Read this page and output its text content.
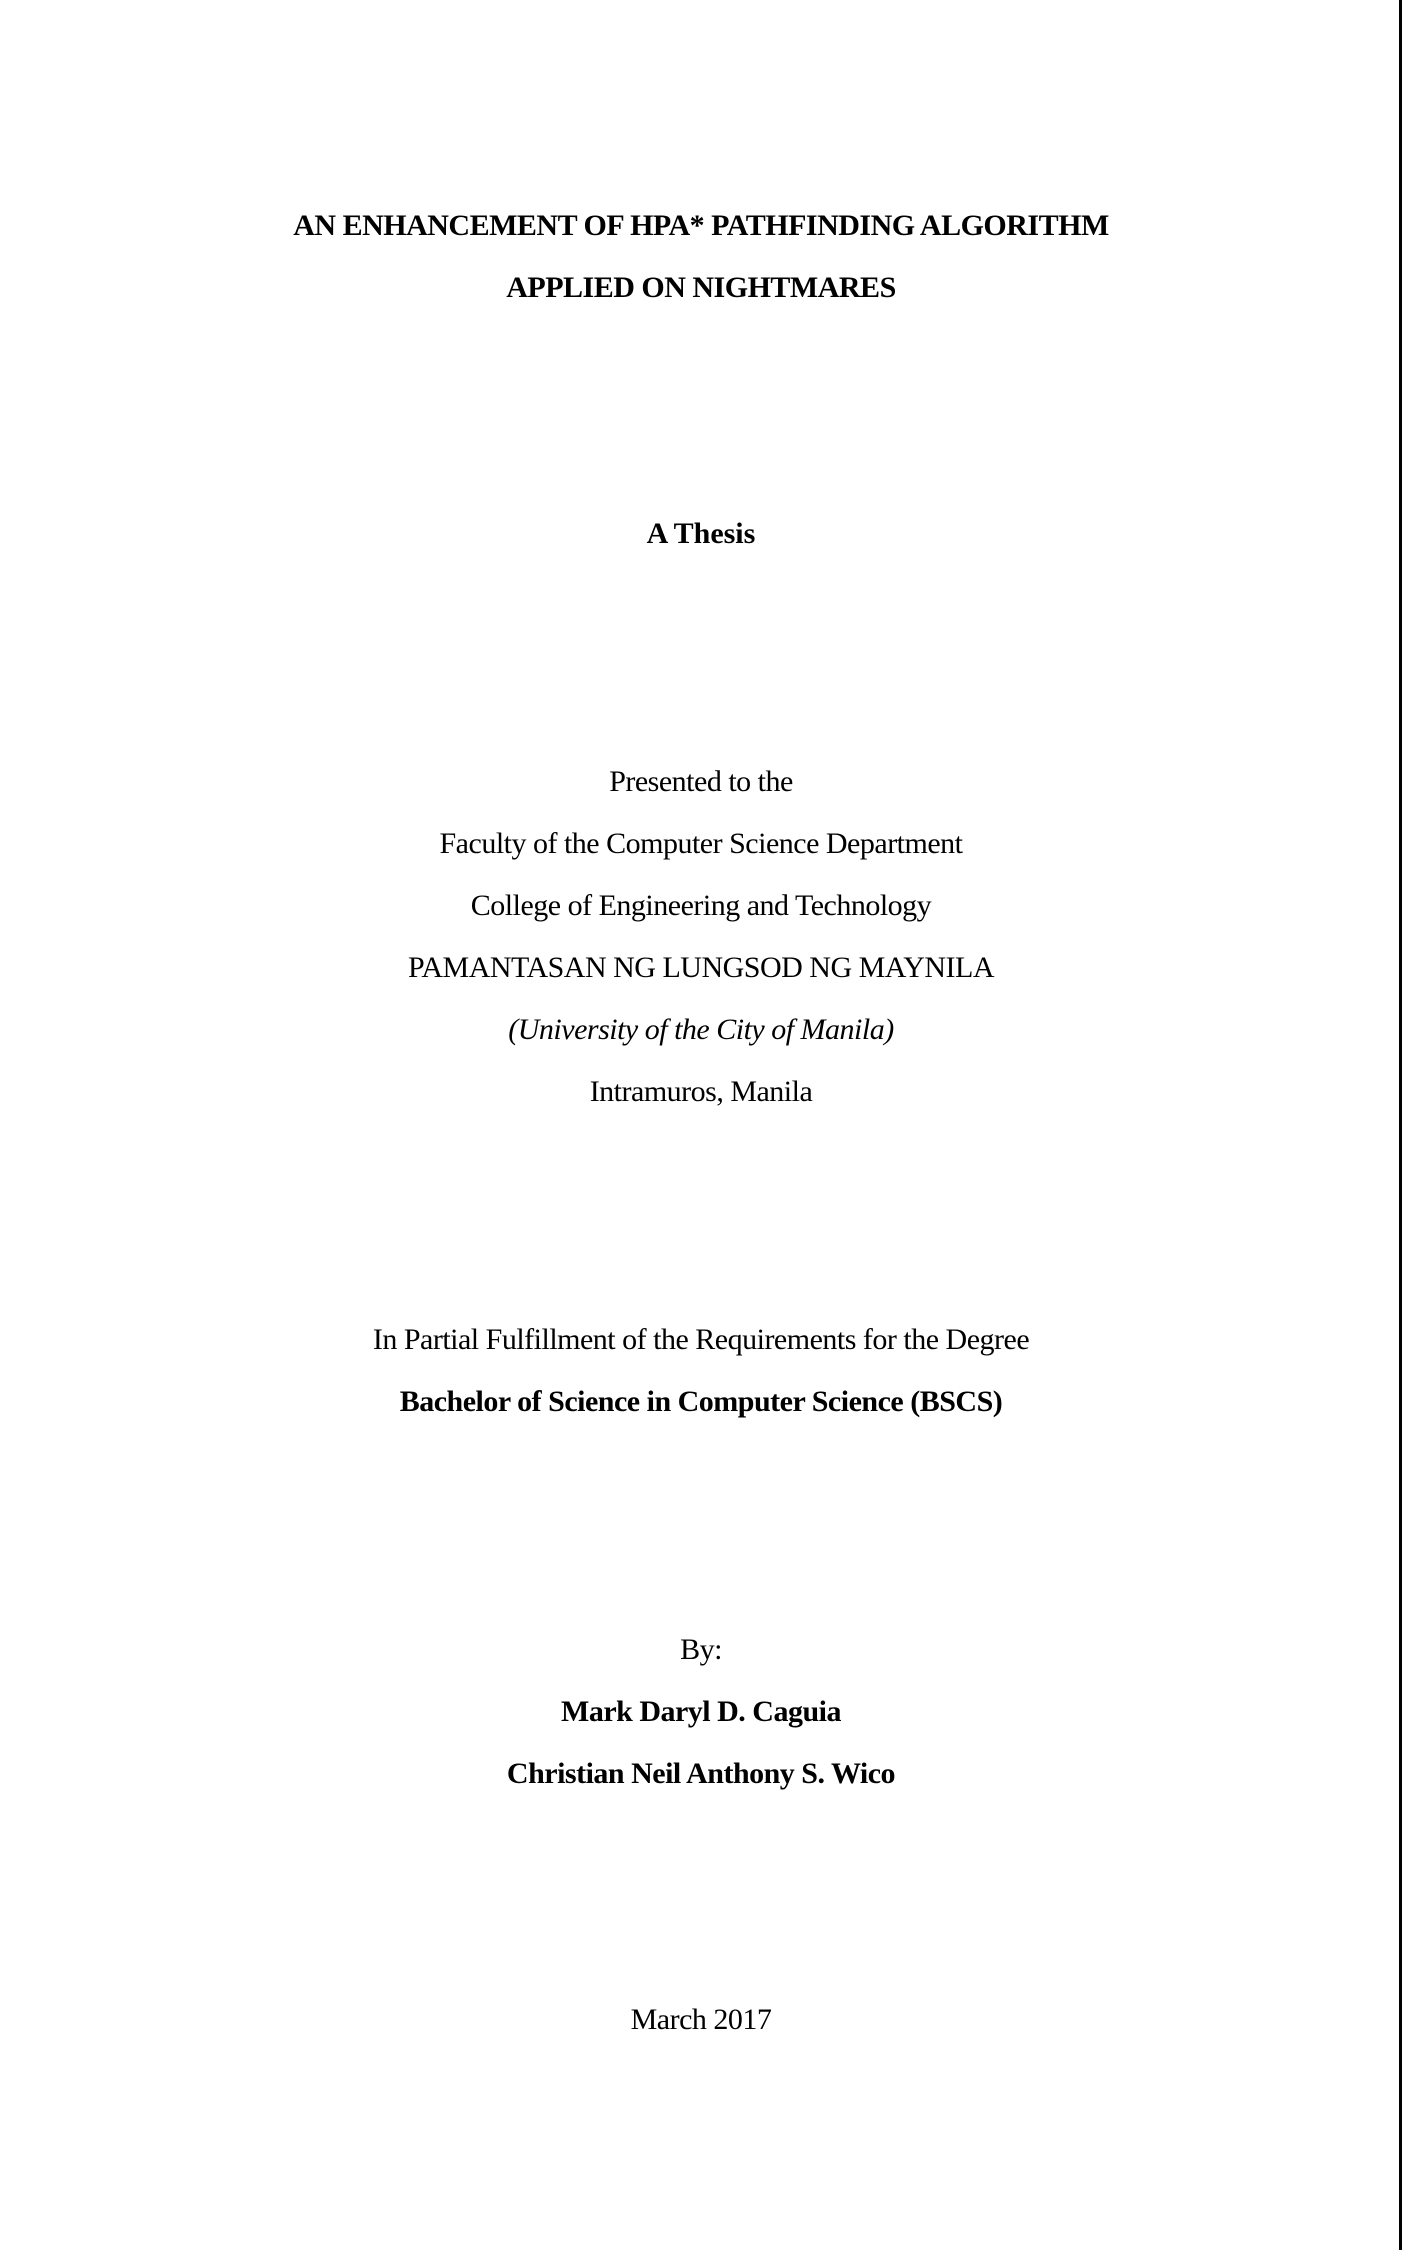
AN ENHANCEMENT OF HPA* PATHFINDING ALGORITHM
APPLIED ON NIGHTMARES
A Thesis
Presented to the
Faculty of the Computer Science Department
College of Engineering and Technology
PAMANTASAN NG LUNGSOD NG MAYNILA
(University of the City of Manila)
Intramuros, Manila
In Partial Fulfillment of the Requirements for the Degree
Bachelor of Science in Computer Science (BSCS)
By:
Mark Daryl D. Caguia
Christian Neil Anthony S. Wico
March 2017
